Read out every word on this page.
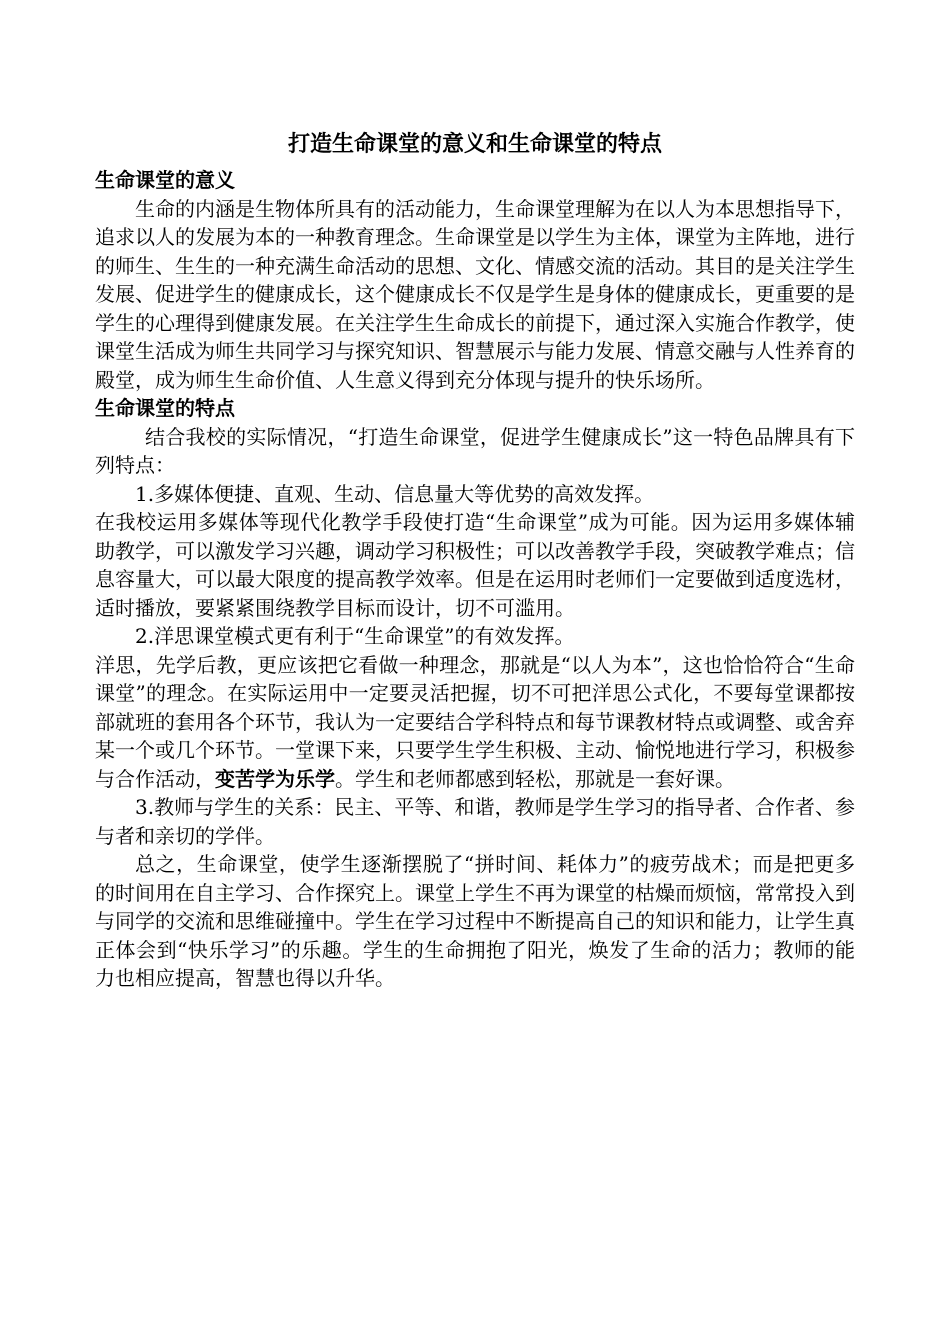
打造生命课堂的意义和生命课堂的特点
生命课堂的意义

生命的内涵是生物体所具有的活动能力，生命课堂理解为在以人为本思想指导下，追求以人的发展为本的一种教育理念。生命课堂是以学生为主体，课堂为主阵地，进行的师生、生生的一种充满生命活动的思想、文化、情感交流的活动。其目的是关注学生发展、促进学生的健康成长，这个健康成长不仅是学生是身体的健康成长，更重要的是学生的心理得到健康发展。在关注学生生命成长的前提下，通过深入实施合作教学，使课堂生活成为师生共同学习与探究知识、智慧展示与能力发展、情意交融与人性养育的殿堂，成为师生生命价值、人生意义得到充分体现与提升的快乐场所。

生命课堂的特点

结合我校的实际情况，“打造生命课堂，促进学生健康成长”这一特色品牌具有下列特点：

1.多媒体便捷、直观、生动、信息量大等优势的高效发挥。

在我校运用多媒体等现代化教学手段使打造“生命课堂”成为可能。因为运用多媒体辅助教学，可以激发学习兴趣，调动学习积极性；可以改善教学手段，突破教学难点；信息容量大，可以最大限度的提高教学效率。但是在运用时老师们一定要做到适度选材，适时播放，要紧紧围绕教学目标而设计，切不可滥用。

2.洋思课堂模式更有利于“生命课堂”的有效发挥。

洋思，先学后教，更应该把它看做一种理念，那就是“以人为本”，这也恰恰符合“生命课堂”的理念。在实际运用中一定要灵活把握，切不可把洋思公式化，不要每堂课都按部就班的套用各个环节，我认为一定要结合学科特点和每节课教材特点或调整、或舍弃某一个或几个环节。一堂课下来，只要学生学生积极、主动、愉悦地进行学习，积极参与合作活动，变苦学为乐学。学生和老师都感到轻松，那就是一套好课。

3.教师与学生的关系：民主、平等、和谐，教师是学生学习的指导者、合作者、参与者和亲切的学伴。

总之，生命课堂，使学生逐渐摆脱了“拼时间、耗体力”的疲劳战术；而是把更多的时间用在自主学习、合作探究上。课堂上学生不再为课堂的枯燥而烦恼，常常投入到与同学的交流和思维碰撞中。学生在学习过程中不断提高自己的知识和能力，让学生真正体会到“快乐学习”的乐趣。学生的生命拥抱了阳光，焕发了生命的活力；教师的能力也相应提高，智慧也得以升华。
